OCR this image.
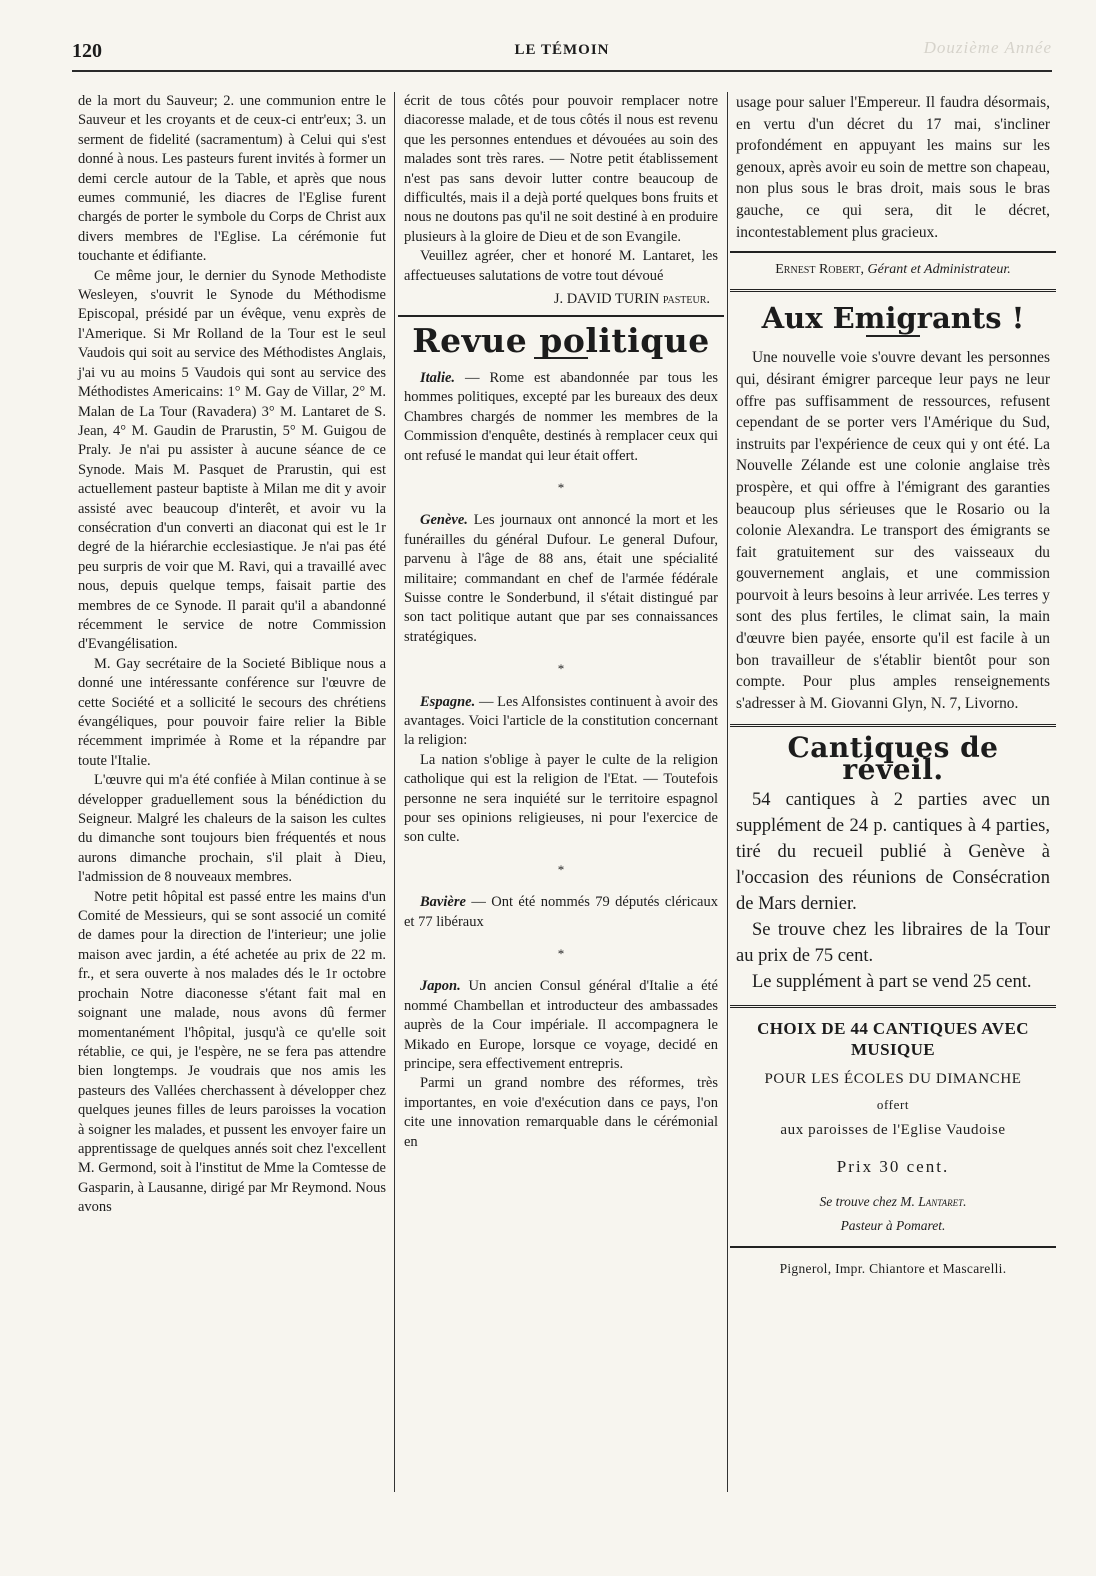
120	LE TÉMOIN	Douzième Année

de la mort du Sauveur; 2. une communion entre le Sauveur et les croyants et de ceux-ci entr'eux; 3. un serment de fidelité (sacramentum) à Celui qui s'est donné à nous. Les pasteurs furent invités à former un demi cercle autour de la Table, et après que nous eumes communié, les diacres de l'Eglise furent chargés de porter le symbole du Corps de Christ aux divers membres de l'Eglise. La cérémonie fut touchante et édifiante.

Ce même jour, le dernier du Synode Methodiste Wesleyen, s'ouvrit le Synode du Méthodisme Episcopal, présidé par un évêque, venu exprès de l'Amerique. Si Mr Rolland de la Tour est le seul Vaudois qui soit au service des Méthodistes Anglais, j'ai vu au moins 5 Vaudois qui sont au service des Méthodistes Americains: 1° M. Gay de Villar, 2° M. Malan de La Tour (Ravadera) 3° M. Lantaret de S. Jean, 4° M. Gaudin de Prarustin, 5° M. Guigou de Praly. Je n'ai pu assister à aucune séance de ce Synode. Mais M. Pasquet de Prarustin, qui est actuellement pasteur baptiste à Milan me dit y avoir assisté avec beaucoup d'interêt, et avoir vu la consécration d'un converti an diaconat qui est le 1r degré de la hiérarchie ecclesiastique. Je n'ai pas été peu surpris de voir que M. Ravi, qui a travaillé avec nous, depuis quelque temps, faisait partie des membres de ce Synode. Il parait qu'il a abandonné récemment le service de notre Commission d'Evangélisation.

M. Gay secrétaire de la Societé Biblique nous a donné une intéressante conférence sur l'œuvre de cette Société et a sollicité le secours des chrétiens évangéliques, pour pouvoir faire relier la Bible récemment imprimée à Rome et la répandre par toute l'Italie.

L'œuvre qui m'a été confiée à Milan continue à se développer graduellement sous la bénédiction du Seigneur. Malgré les chaleurs de la saison les cultes du dimanche sont toujours bien fréquentés et nous aurons dimanche prochain, s'il plait à Dieu, l'admission de 8 nouveaux membres.

Notre petit hôpital est passé entre les mains d'un Comité de Messieurs, qui se sont associé un comité de dames pour la direction de l'interieur; une jolie maison avec jardin, a été achetée au prix de 22 m. fr., et sera ouverte à nos malades dés le 1r octobre prochain Notre diaconesse s'étant fait mal en soignant une malade, nous avons dû fermer momentanément l'hôpital, jusqu'à ce qu'elle soit rétablie, ce qui, je l'espère, ne se fera pas attendre bien longtemps. Je voudrais que nos amis les pasteurs des Vallées cherchassent à développer chez quelques jeunes filles de leurs paroisses la vocation à soigner les malades, et pussent les envoyer faire un apprentissage de quelques annés soit chez l'excellent M. Germond, soit à l'institut de Mme la Comtesse de Gasparin, à Lausanne, dirigé par Mr Reymond. Nous avons

écrit de tous côtés pour pouvoir remplacer notre diacoresse malade, et de tous côtés il nous est revenu que les personnes entendues et dévouées au soin des malades sont très rares. — Notre petit établissement n'est pas sans devoir lutter contre beaucoup de difficultés, mais il a dejà porté quelques bons fruits et nous ne doutons pas qu'il ne soit destiné à en produire plusieurs à la gloire de Dieu et de son Evangile.

Veuillez agréer, cher et honoré M. Lantaret, les affectueuses salutations de votre tout dévoué

J. DAVID TURIN pasteur.
Revue politique

Italie. — Rome est abandonnée par tous les hommes politiques, excepté par les bureaux des deux Chambres chargés de nommer les membres de la Commission d'enquête, destinés à remplacer ceux qui ont refusé le mandat qui leur était offert.

*

Genève. Les journaux ont annoncé la mort et les funérailles du général Dufour. Le general Dufour, parvenu à l'âge de 88 ans, était une spécialité militaire; commandant en chef de l'armée fédérale Suisse contre le Sonderbund, il s'était distingué par son tact politique autant que par ses connaissances stratégiques.

*

Espagne. — Les Alfonsistes continuent à avoir des avantages. Voici l'article de la constitution concernant la religion:

La nation s'oblige à payer le culte de la religion catholique qui est la religion de l'Etat. — Toutefois personne ne sera inquiété sur le territoire espagnol pour ses opinions religieuses, ni pour l'exercice de son culte.

*

Bavière — Ont été nommés 79 députés cléricaux et 77 libéraux

*

Japon. Un ancien Consul général d'Italie a été nommé Chambellan et introducteur des ambassades auprès de la Cour impériale. Il accompagnera le Mikado en Europe, lorsque ce voyage, decidé en principe, sera effectivement entrepris.

Parmi un grand nombre des réformes, très importantes, en voie d'exécution dans ce pays, l'on cite une innovation remarquable dans le cérémonial en

usage pour saluer l'Empereur. Il faudra désormais, en vertu d'un décret du 17 mai, s'incliner profondément en appuyant les mains sur les genoux, après avoir eu soin de mettre son chapeau, non plus sous le bras droit, mais sous le bras gauche, ce qui sera, dit le décret, incontestablement plus gracieux.

Ernest Robert, Gérant et Administrateur.
Aux Emigrants !

Une nouvelle voie s'ouvre devant les personnes qui, désirant émigrer parceque leur pays ne leur offre pas suffisamment de ressources, refusent cependant de se porter vers l'Amérique du Sud, instruits par l'expérience de ceux qui y ont été. La Nouvelle Zélande est une colonie anglaise très prospère, et qui offre à l'émigrant des garanties beaucoup plus sérieuses que le Rosario ou la colonie Alexandra. Le transport des émigrants se fait gratuitement sur des vaisseaux du gouvernement anglais, et une commission pourvoit à leurs besoins à leur arrivée. Les terres y sont des plus fertiles, le climat sain, la main d'œuvre bien payée, ensorte qu'il est facile à un bon travailleur de s'établir bientôt pour son compte. Pour plus amples renseignements s'adresser à M. Giovanni Glyn, N. 7, Livorno.

Cantiques de réveil.

54 cantiques à 2 parties avec un supplément de 24 p. cantiques à 4 parties, tiré du recueil publié à Genève à l'occasion des réunions de Consécration de Mars dernier.

Se trouve chez les libraires de la Tour au prix de 75 cent.

Le supplément à part se vend 25 cent.

CHOIX DE 44 CANTIQUES AVEC MUSIQUE
POUR LES ÉCOLES DU DIMANCHE
offert
aux paroisses de l'Eglise Vaudoise
Prix 30 cent.
Se trouve chez M. Lantaret.
Pasteur à Pomaret.
Pignerol, Impr. Chiantore et Mascarelli.
